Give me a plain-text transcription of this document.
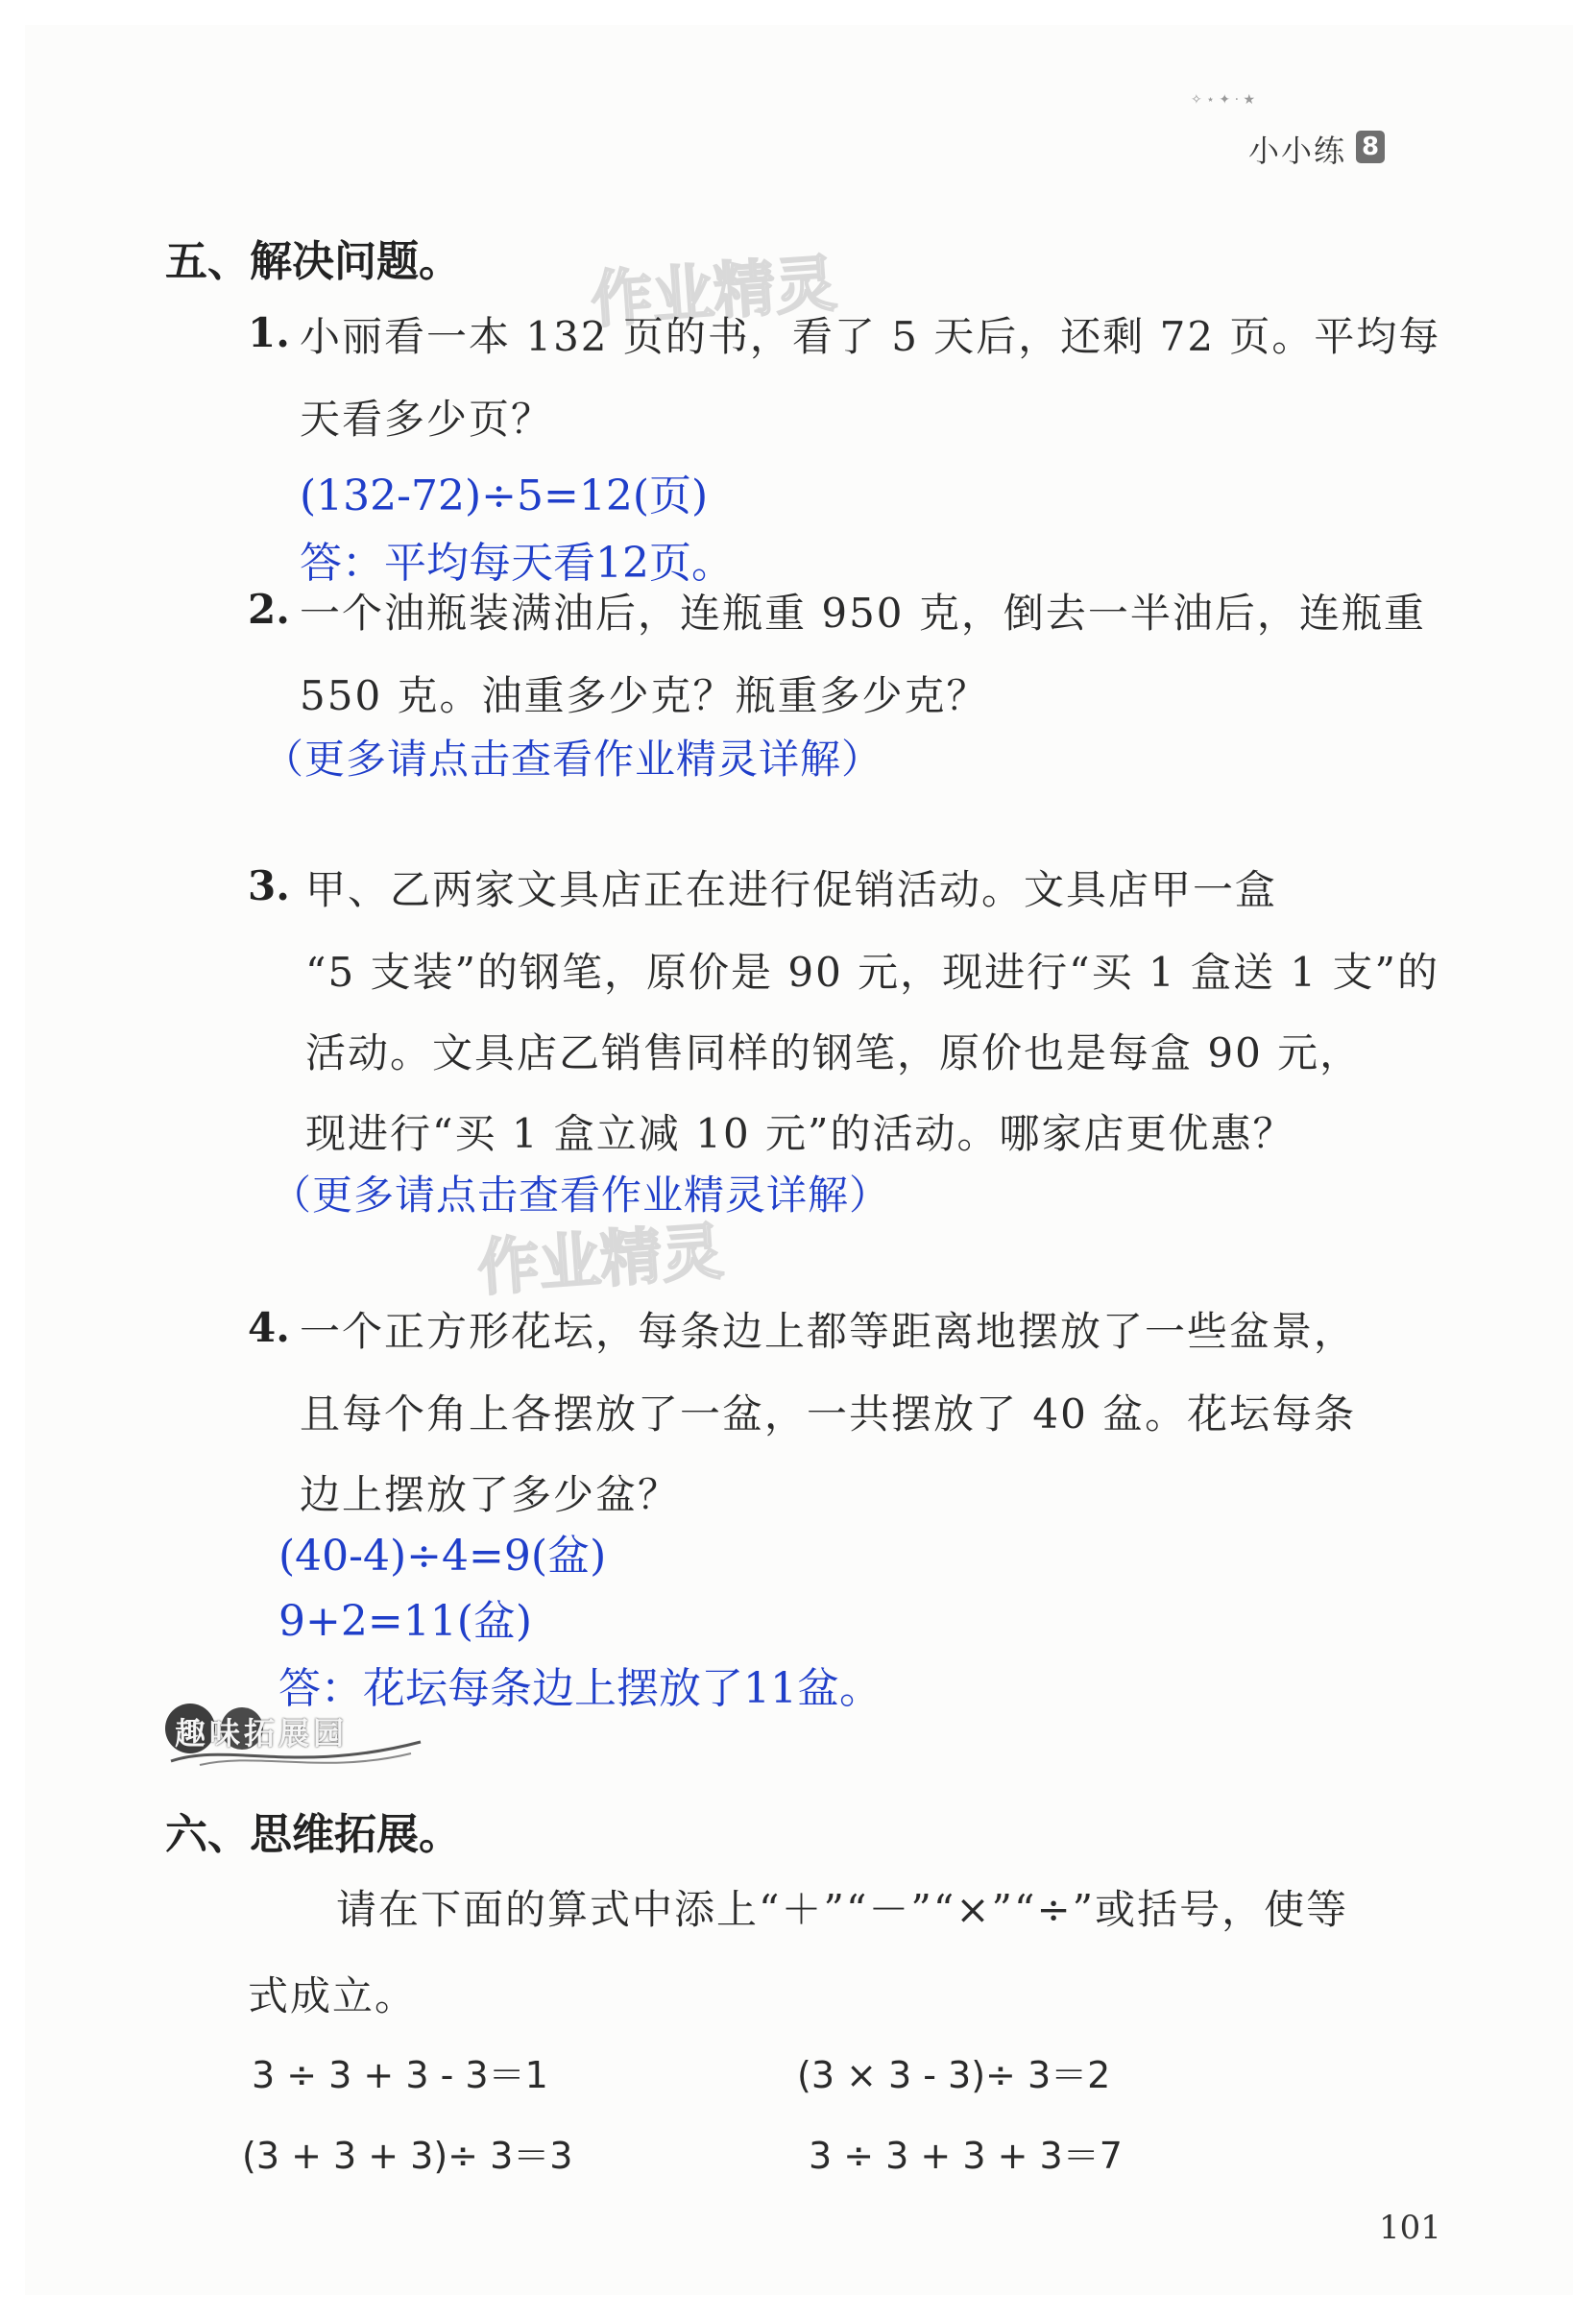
✧ ⋆ ✦ · ★
小小练 8
作业精灵
作业精灵
五、解决问题。
1. 小丽看一本 132 页的书，看了 5 天后，还剩 72 页。平均每
天看多少页？
(132-72)÷5=12(页)
答：平均每天看12页。
2. 一个油瓶装满油后，连瓶重 950 克，倒去一半油后，连瓶重
550 克。油重多少克？瓶重多少克？
（更多请点击查看作业精灵详解）
3. 甲、乙两家文具店正在进行促销活动。文具店甲一盒
“5 支装”的钢笔，原价是 90 元，现进行“买 1 盒送 1 支”的
活动。文具店乙销售同样的钢笔，原价也是每盒 90 元，
现进行“买 1 盒立减 10 元”的活动。哪家店更优惠？
（更多请点击查看作业精灵详解）
4. 一个正方形花坛，每条边上都等距离地摆放了一些盆景，
且每个角上各摆放了一盆，一共摆放了 40 盆。花坛每条
边上摆放了多少盆？
(40-4)÷4=9(盆)
9+2=11(盆)
答：花坛每条边上摆放了11盆。
趣味拓展园
六、思维拓展。
请在下面的算式中添上“＋”“－”“×”“÷”或括号，使等
式成立。
3 ÷ 3 + 3 - 3＝1	(3 × 3 - 3)÷ 3＝2
(3 + 3 + 3)÷ 3＝3	3 ÷ 3 + 3 + 3＝7
101
